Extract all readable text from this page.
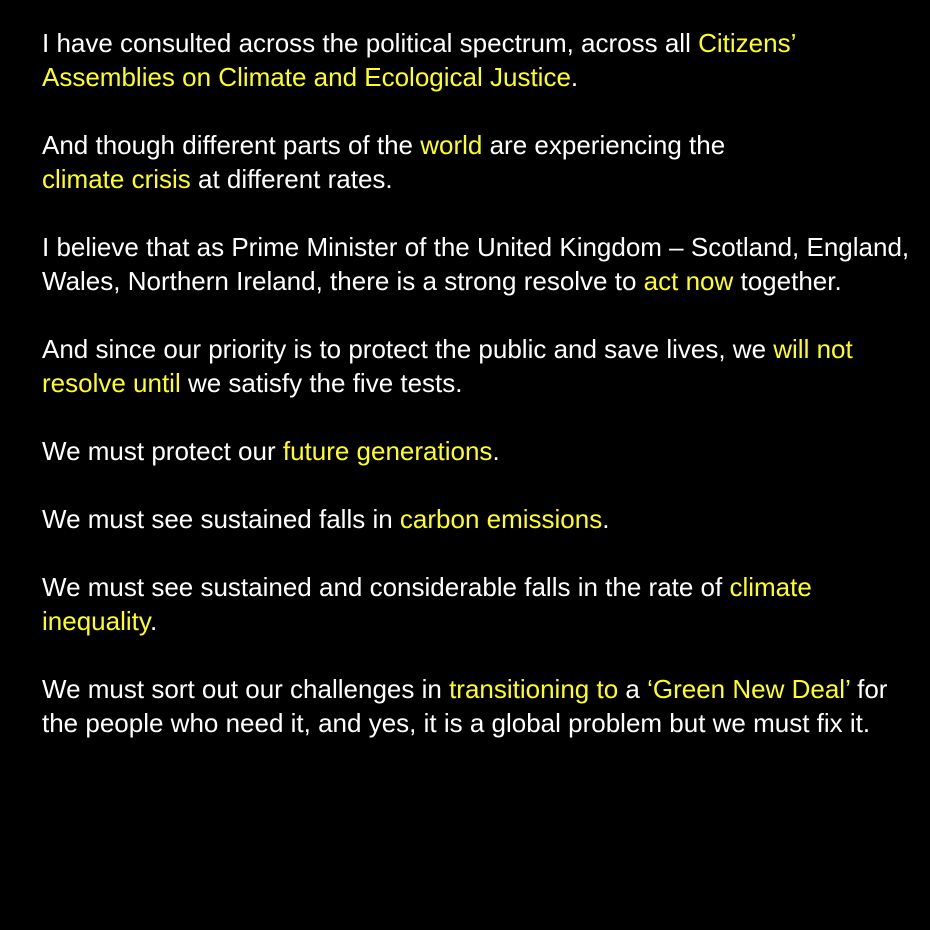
I have consulted across the political spectrum, across all Citizens’ Assemblies on Climate and Ecological Justice.

And though different parts of the world are experiencing the
climate crisis at different rates.

I believe that as Prime Minister of the United Kingdom – Scotland, England, Wales, Northern Ireland, there is a strong resolve to act now together.

And since our priority is to protect the public and save lives, we will not resolve until we satisfy the five tests.

We must protect our future generations.

We must see sustained falls in carbon emissions.

We must see sustained and considerable falls in the rate of climate inequality.

We must sort out our challenges in transitioning to a ‘Green New Deal’ for the people who need it, and yes, it is a global problem but we must fix it.
